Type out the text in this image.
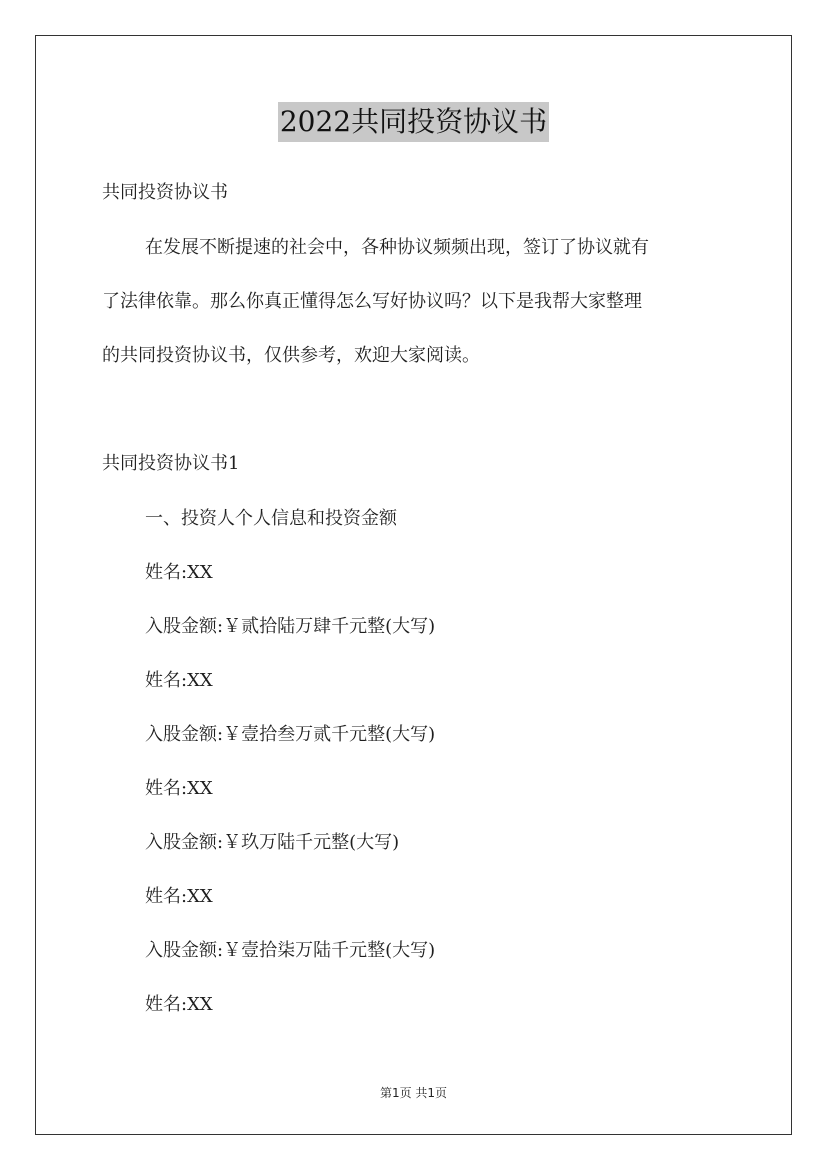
2022共同投资协议书
共同投资协议书
在发展不断提速的社会中，各种协议频频出现，签订了协议就有
了法律依靠。那么你真正懂得怎么写好协议吗？以下是我帮大家整理
的共同投资协议书，仅供参考，欢迎大家阅读。
共同投资协议书1
一、投资人个人信息和投资金额
姓名:XX
入股金额:￥贰拾陆万肆千元整(大写)
姓名:XX
入股金额:￥壹拾叁万贰千元整(大写)
姓名:XX
入股金额:￥玖万陆千元整(大写)
姓名:XX
入股金额:￥壹拾柒万陆千元整(大写)
姓名:XX
第1页 共1页
